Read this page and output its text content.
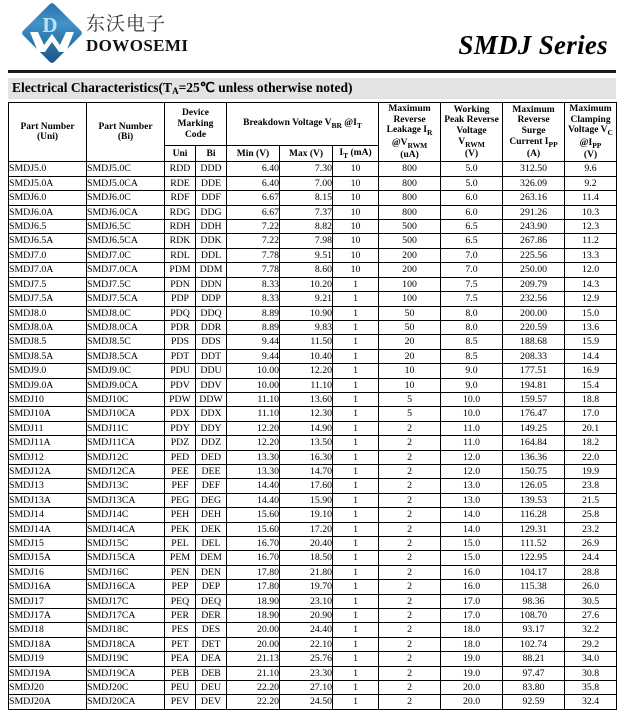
D 东沃电子
DOWOSEMI	SMDJ Series
Electrical $Characteristics(T_A=25℃$ unless otherwise noted)
Part Number
(Uni)

Part Number
(Bi)

Device
Marking
Code
	Breakdown Voltage $V_{BR}$ $@I_T$	
Maximum
Reverse
Leakage $I_R$
$@V_{RWM}$
(uA)

Working
Peak Reverse
Voltage
$V_{RWM}$
(V)

Maximum
Reverse
Surge
Current $I_{PP}$
(A)

Maximum
Clamping
Voltage $V_C$
$@I_{PP}$
(V)

		Uni	Bi	Min (V)	Max (V)	$I_T$ (mA)				
SMDJ5.0	SMDJ5.0C	RDD	DDD	6.40	7.30	10	800	5.0	312.50	9.6
SMDJ5.0A	SMDJ5.0CA	RDE	DDE	6.40	7.00	10	800	5.0	326.09	9.2
SMDJ6.0	SMDJ6.0C	RDF	DDF	6.67	8.15	10	800	6.0	263.16	11.4
SMDJ6.0A	SMDJ6.0CA	RDG	DDG	6.67	7.37	10	800	6.0	291.26	10.3
SMDJ6.5	SMDJ6.5C	RDH	DDH	7.22	8.82	10	500	6.5	243.90	12.3
SMDJ6.5A	SMDJ6.5CA	RDK	DDK	7.22	7.98	10	500	6.5	267.86	11.2
SMDJ7.0	SMDJ7.0C	RDL	DDL	7.78	9.51	10	200	7.0	225.56	13.3
SMDJ7.0A	SMDJ7.0CA	PDM	DDM	7.78	8.60	10	200	7.0	250.00	12.0
SMDJ7.5	SMDJ7.5C	PDN	DDN	8.33	10.20	1	100	7.5	209.79	14.3
SMDJ7.5A	SMDJ7.5CA	PDP	DDP	8.33	9.21	1	100	7.5	232.56	12.9
SMDJ8.0	SMDJ8.0C	PDQ	DDQ	8.89	10.90	1	50	8.0	200.00	15.0
SMDJ8.0A	SMDJ8.0CA	PDR	DDR	8.89	9.83	1	50	8.0	220.59	13.6
SMDJ8.5	SMDJ8.5C	PDS	DDS	9.44	11.50	1	20	8.5	188.68	15.9
SMDJ8.5A	SMDJ8.5CA	PDT	DDT	9.44	10.40	1	20	8.5	208.33	14.4
SMDJ9.0	SMDJ9.0C	PDU	DDU	10.00	12.20	1	10	9.0	177.51	16.9
SMDJ9.0A	SMDJ9.0CA	PDV	DDV	10.00	11.10	1	10	9.0	194.81	15.4
SMDJ10	SMDJ10C	PDW	DDW	11.10	13.60	1	5	10.0	159.57	18.8
SMDJ10A	SMDJ10CA	PDX	DDX	11.10	12.30	1	5	10.0	176.47	17.0
SMDJ11	SMDJ11C	PDY	DDY	12.20	14.90	1	2	11.0	149.25	20.1
SMDJ11A	SMDJ11CA	PDZ	DDZ	12.20	13.50	1	2	11.0	164.84	18.2
SMDJ12	SMDJ12C	PED	DED	13.30	16.30	1	2	12.0	136.36	22.0
SMDJ12A	SMDJ12CA	PEE	DEE	13.30	14.70	1	2	12.0	150.75	19.9
SMDJ13	SMDJ13C	PEF	DEF	14.40	17.60	1	2	13.0	126.05	23.8
SMDJ13A	SMDJ13CA	PEG	DEG	14.40	15.90	1	2	13.0	139.53	21.5
SMDJ14	SMDJ14C	PEH	DEH	15.60	19.10	1	2	14.0	116.28	25.8
SMDJ14A	SMDJ14CA	PEK	DEK	15.60	17.20	1	2	14.0	129.31	23.2
SMDJ15	SMDJ15C	PEL	DEL	16.70	20.40	1	2	15.0	111.52	26.9
SMDJ15A	SMDJ15CA	PEM	DEM	16.70	18.50	1	2	15.0	122.95	24.4
SMDJ16	SMDJ16C	PEN	DEN	17.80	21.80	1	2	16.0	104.17	28.8
SMDJ16A	SMDJ16CA	PEP	DEP	17.80	19.70	1	2	16.0	115.38	26.0
SMDJ17	SMDJ17C	PEQ	DEQ	18.90	23.10	1	2	17.0	98.36	30.5
SMDJ17A	SMDJ17CA	PER	DER	18.90	20.90	1	2	17.0	108.70	27.6
SMDJ18	SMDJ18C	PES	DES	20.00	24.40	1	2	18.0	93.17	32.2
SMDJ18A	SMDJ18CA	PET	DET	20.00	22.10	1	2	18.0	102.74	29.2
SMDJ19	SMDJ19C	PEA	DEA	21.13	25.76	1	2	19.0	88.21	34.0
SMDJ19A	SMDJ19CA	PEB	DEB	21.10	23.30	1	2	19.0	97.47	30.8
SMDJ20	SMDJ20C	PEU	DEU	22.20	27.10	1	2	20.0	83.80	35.8
SMDJ20A	SMDJ20CA	PEV	DEV	22.20	24.50	1	2	20.0	92.59	32.4
